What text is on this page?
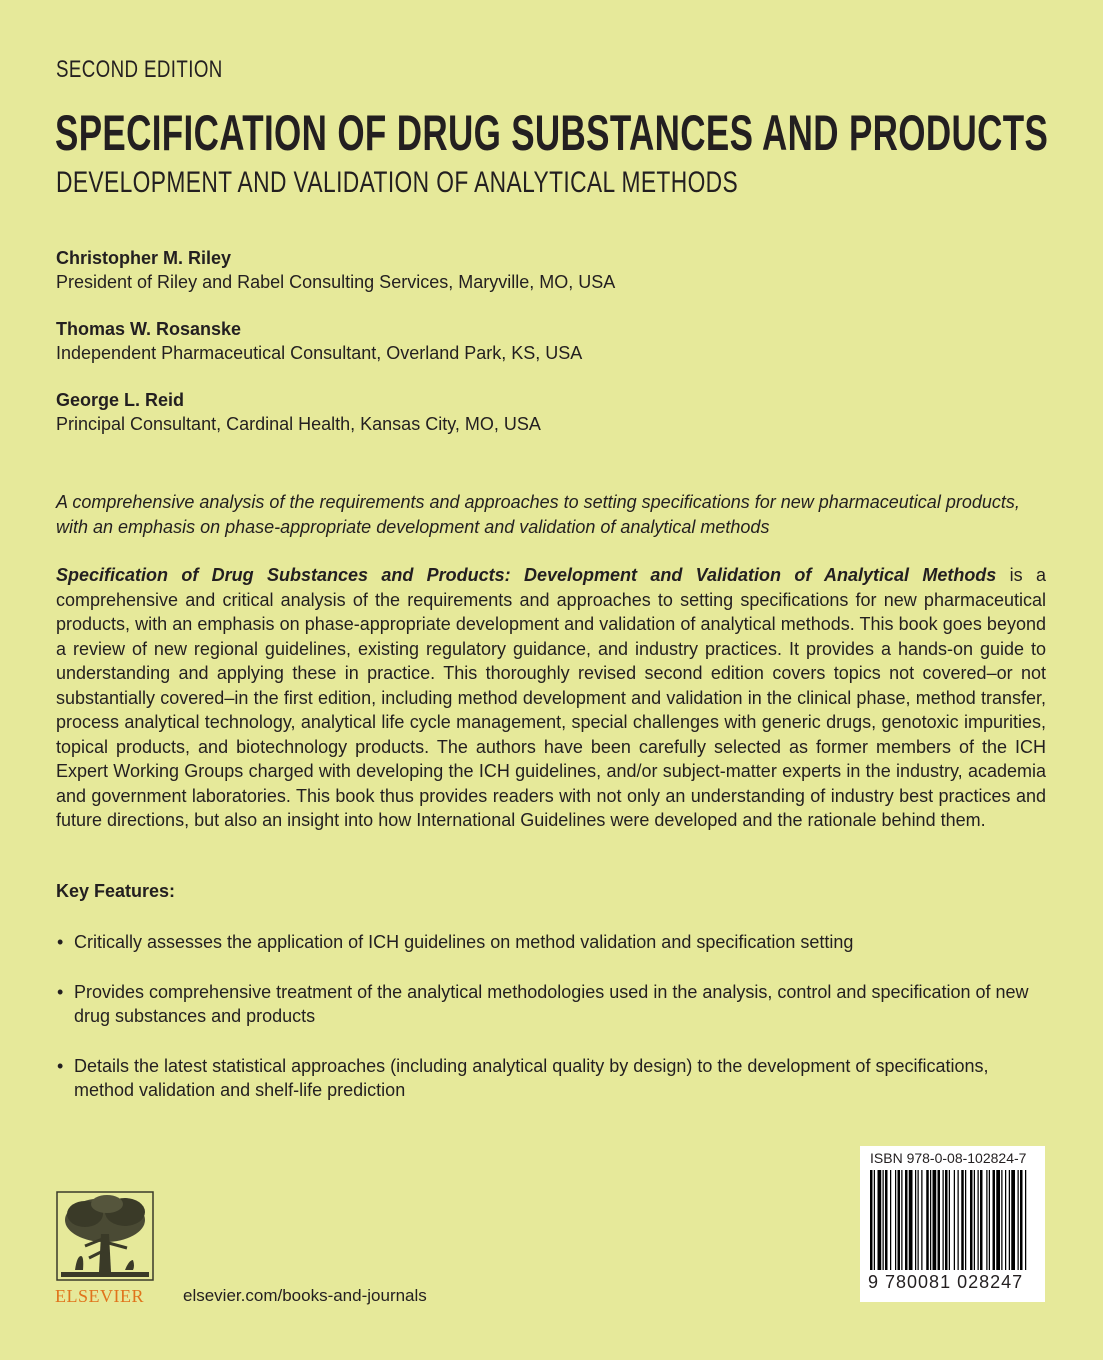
SECOND EDITION
SPECIFICATION OF DRUG SUBSTANCES AND PRODUCTS
DEVELOPMENT AND VALIDATION OF ANALYTICAL METHODS
Christopher M. Riley
President of Riley and Rabel Consulting Services, Maryville, MO, USA
Thomas W. Rosanske
Independent Pharmaceutical Consultant, Overland Park, KS, USA
George L. Reid
Principal Consultant, Cardinal Health, Kansas City, MO, USA
A comprehensive analysis of the requirements and approaches to setting specifications for new pharmaceutical products, with an emphasis on phase-appropriate development and validation of analytical methods
Specification of Drug Substances and Products: Development and Validation of Analytical Methods is a comprehensive and critical analysis of the requirements and approaches to setting specifications for new pharmaceutical products, with an emphasis on phase-appropriate development and validation of analytical methods. This book goes beyond a review of new regional guidelines, existing regulatory guidance, and industry practices. It provides a hands-on guide to understanding and applying these in practice. This thoroughly revised second edition covers topics not covered–or not substantially covered–in the first edition, including method development and validation in the clinical phase, method transfer, process analytical technology, analytical life cycle management, special challenges with generic drugs, genotoxic impurities, topical products, and biotechnology products. The authors have been carefully selected as former members of the ICH Expert Working Groups charged with developing the ICH guidelines, and/or subject-matter experts in the industry, academia and government laboratories. This book thus provides readers with not only an understanding of industry best practices and future directions, but also an insight into how International Guidelines were developed and the rationale behind them.
Key Features:
• Critically assesses the application of ICH guidelines on method validation and specification setting
• Provides comprehensive treatment of the analytical methodologies used in the analysis, control and specification of new drug substances and products
• Details the latest statistical approaches (including analytical quality by design) to the development of specifications, method validation and shelf-life prediction
ELSEVIER elsevier.com/books-and-journals
ISBN 978-0-08-102824-7
9 780081 028247
